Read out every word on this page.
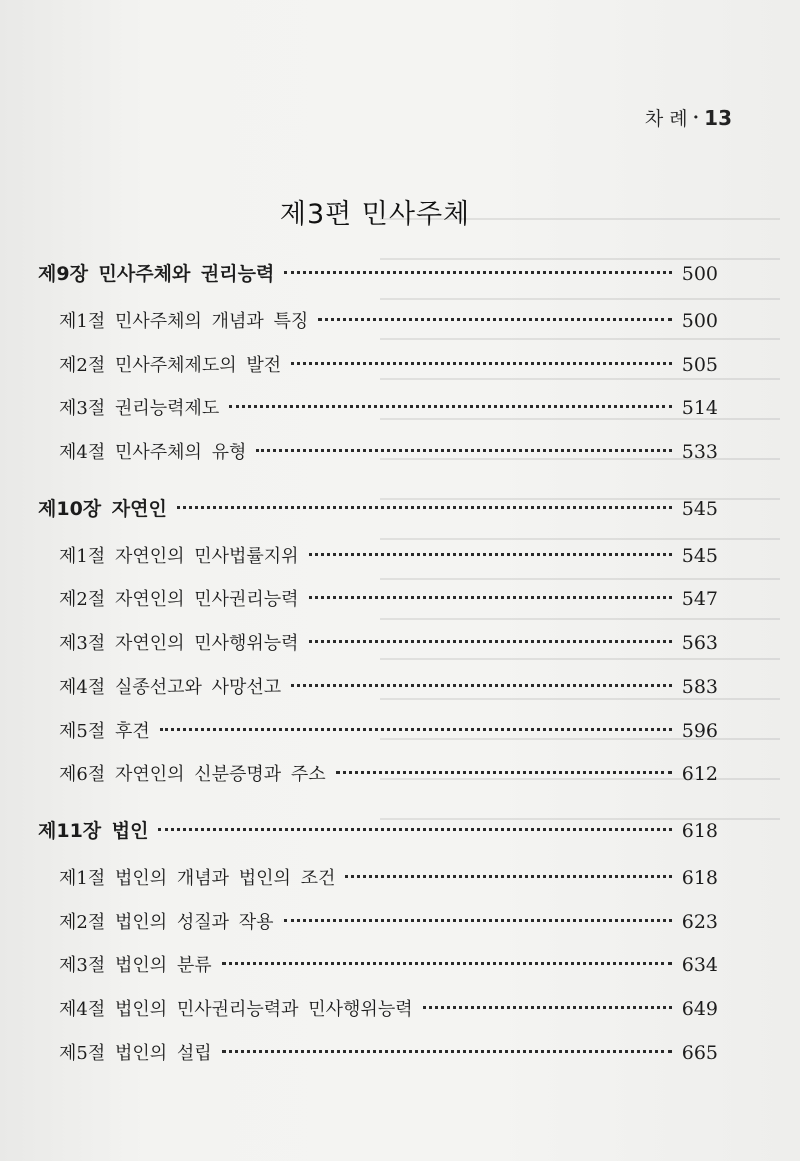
차 례 • 13
제3편 민사주체
제9장 민사주체와 권리능력	500
제1절 민사주체의 개념과 특징	500
제2절 민사주체제도의 발전	505
제3절 권리능력제도	514
제4절 민사주체의 유형	533
제10장 자연인	545
제1절 자연인의 민사법률지위	545
제2절 자연인의 민사권리능력	547
제3절 자연인의 민사행위능력	563
제4절 실종선고와 사망선고	583
제5절 후견	596
제6절 자연인의 신분증명과 주소	612
제11장 법인	618
제1절 법인의 개념과 법인의 조건	618
제2절 법인의 성질과 작용	623
제3절 법인의 분류	634
제4절 법인의 민사권리능력과 민사행위능력	649
제5절 법인의 설립	665
